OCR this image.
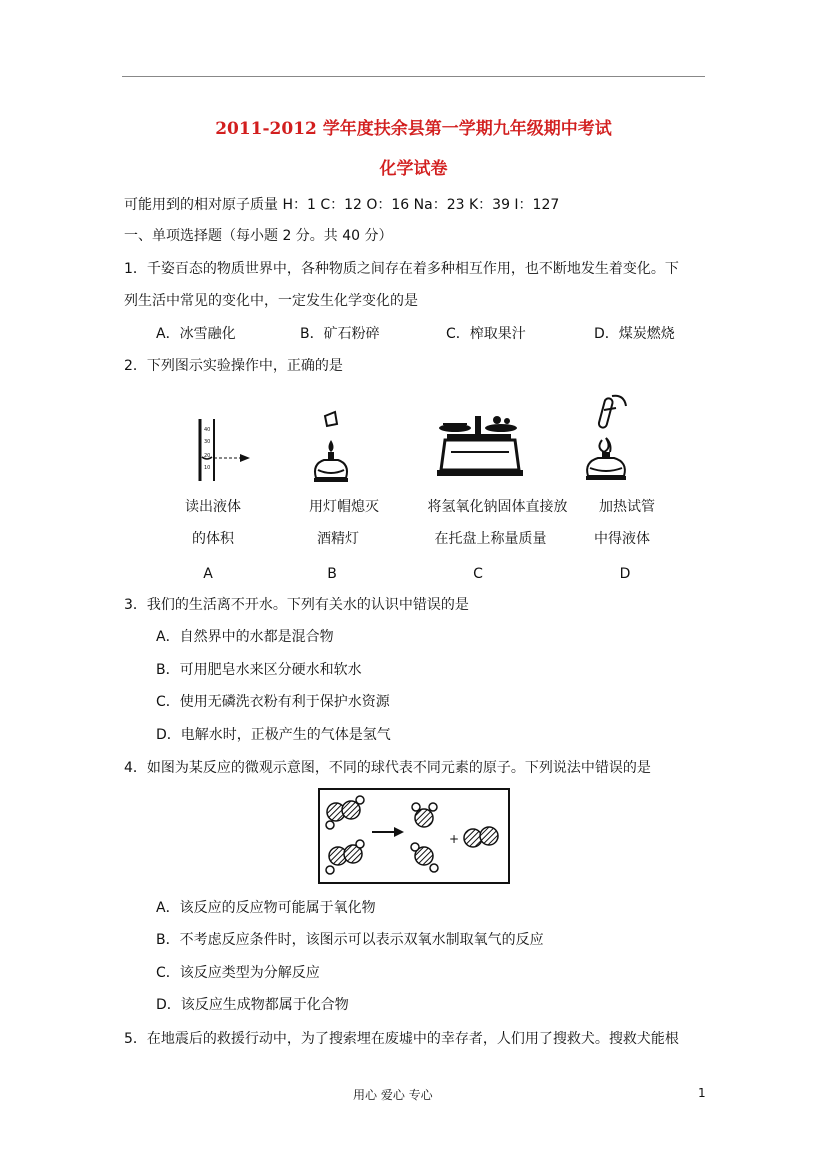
2011-2012 学年度扶余县第一学期九年级期中考试
化学试卷
可能用到的相对原子质量 H：1 C：12 O：16 Na：23 K：39 I：127
一、单项选择题（每小题 2 分。共 40 分）
1．千姿百态的物质世界中，各种物质之间存在着多种相互作用，也不断地发生着变化。下
列生活中常见的变化中，一定发生化学变化的是
A．冰雪融化	B．矿石粉碎	C．榨取果汁	D．煤炭燃烧
2．下列图示实验操作中，正确的是
40
30
20
10
读出液体
的体积
A
用灯帽熄灭
酒精灯
B
将氢氧化钠固体直接放
在托盘上称量质量
C
加热试管
中得液体
D
3．我们的生活离不开水。下列有关水的认识中错误的是
A．自然界中的水都是混合物
B．可用肥皂水来区分硬水和软水
C．使用无磷洗衣粉有利于保护水资源
D．电解水时，正极产生的气体是氢气
4．如图为某反应的微观示意图，不同的球代表不同元素的原子。下列说法中错误的是
+
A．该反应的反应物可能属于氧化物
B．不考虑反应条件时，该图示可以表示双氧水制取氧气的反应
C．该反应类型为分解反应
D．该反应生成物都属于化合物
5．在地震后的救援行动中，为了搜索埋在废墟中的幸存者，人们用了搜救犬。搜救犬能根
用心 爱心 专心	1
